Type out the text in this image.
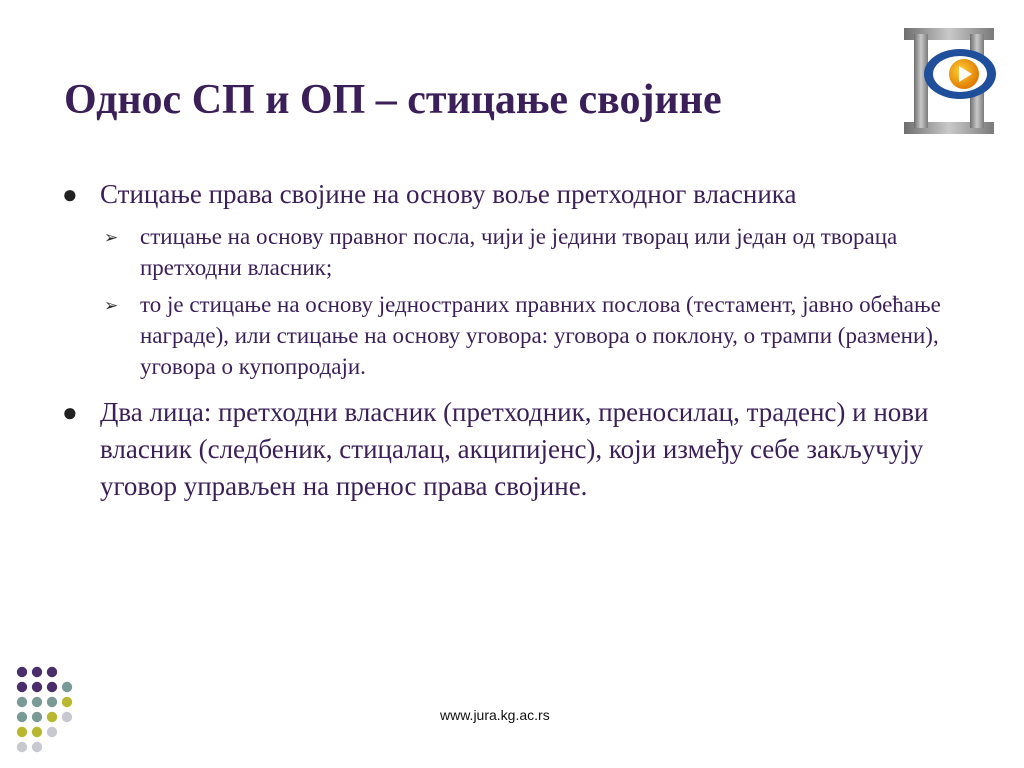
Однос СП и ОП – стицање својине
● Стицање права својине на основу воље претходног власника
➢ стицање на основу правног посла, чији је једини творац или један од твораца претходни власник;
➢ то је стицање на основу једностраних правних послова (тестамент, јавно обећање награде), или стицање на основу уговора: уговора о поклону, о трампи (размени), уговора о купопродаји.
● Два лица: претходни власник (претходник, преносилац, траденс) и нови власник (следбеник, стицалац, акципијенс), који између себе закључују уговор управљен на пренос права својине.
www.jura.kg.ac.rs
